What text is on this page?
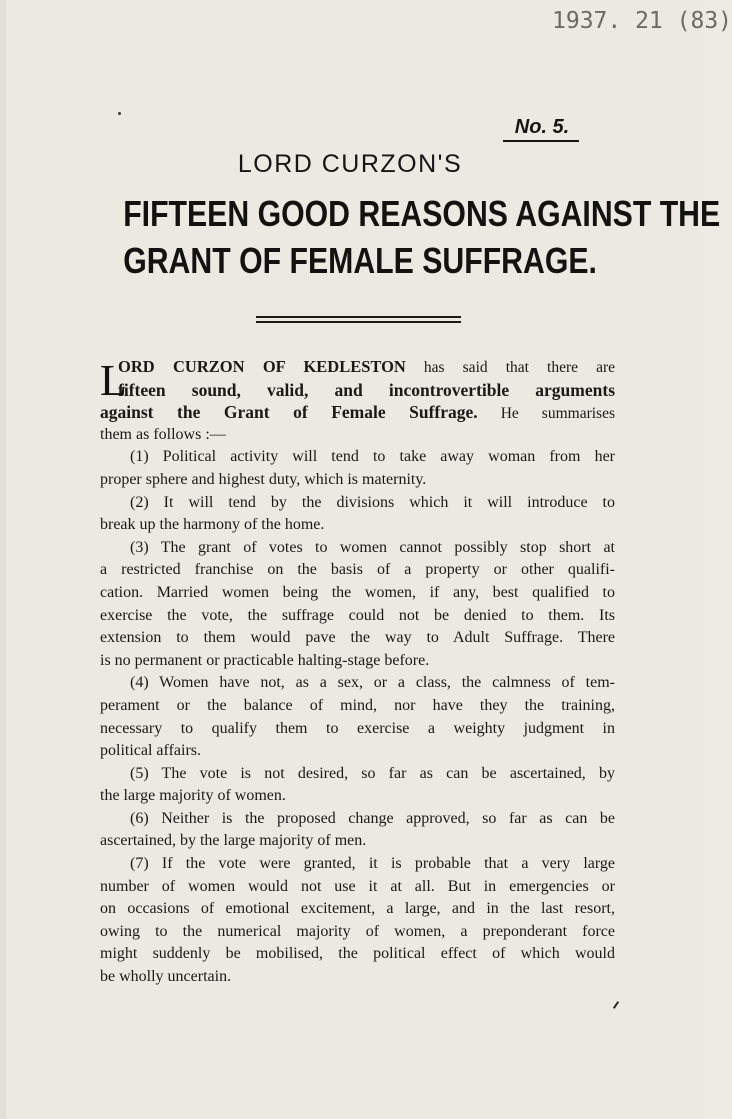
1937. 21 (83)
No. 5.
LORD CURZON'S
FIFTEEN GOOD REASONS AGAINST THE
GRANT OF FEMALE SUFFRAGE.
L
ORD CURZON OF KEDLESTON has said that there are
fifteen sound, valid, and incontrovertible arguments
against the Grant of Female Suffrage. He summarises
them as follows :—
(1) Political activity will tend to take away woman from her
proper sphere and highest duty, which is maternity.
(2) It will tend by the divisions which it will introduce to
break up the harmony of the home.
(3) The grant of votes to women cannot possibly stop short at
a restricted franchise on the basis of a property or other qualifi-
cation. Married women being the women, if any, best qualified to
exercise the vote, the suffrage could not be denied to them. Its
extension to them would pave the way to Adult Suffrage. There
is no permanent or practicable halting-stage before.
(4) Women have not, as a sex, or a class, the calmness of tem-
perament or the balance of mind, nor have they the training,
necessary to qualify them to exercise a weighty judgment in
political affairs.
(5) The vote is not desired, so far as can be ascertained, by
the large majority of women.
(6) Neither is the proposed change approved, so far as can be
ascertained, by the large majority of men.
(7) If the vote were granted, it is probable that a very large
number of women would not use it at all. But in emergencies or
on occasions of emotional excitement, a large, and in the last resort,
owing to the numerical majority of women, a preponderant force
might suddenly be mobilised, the political effect of which would
be wholly uncertain.
